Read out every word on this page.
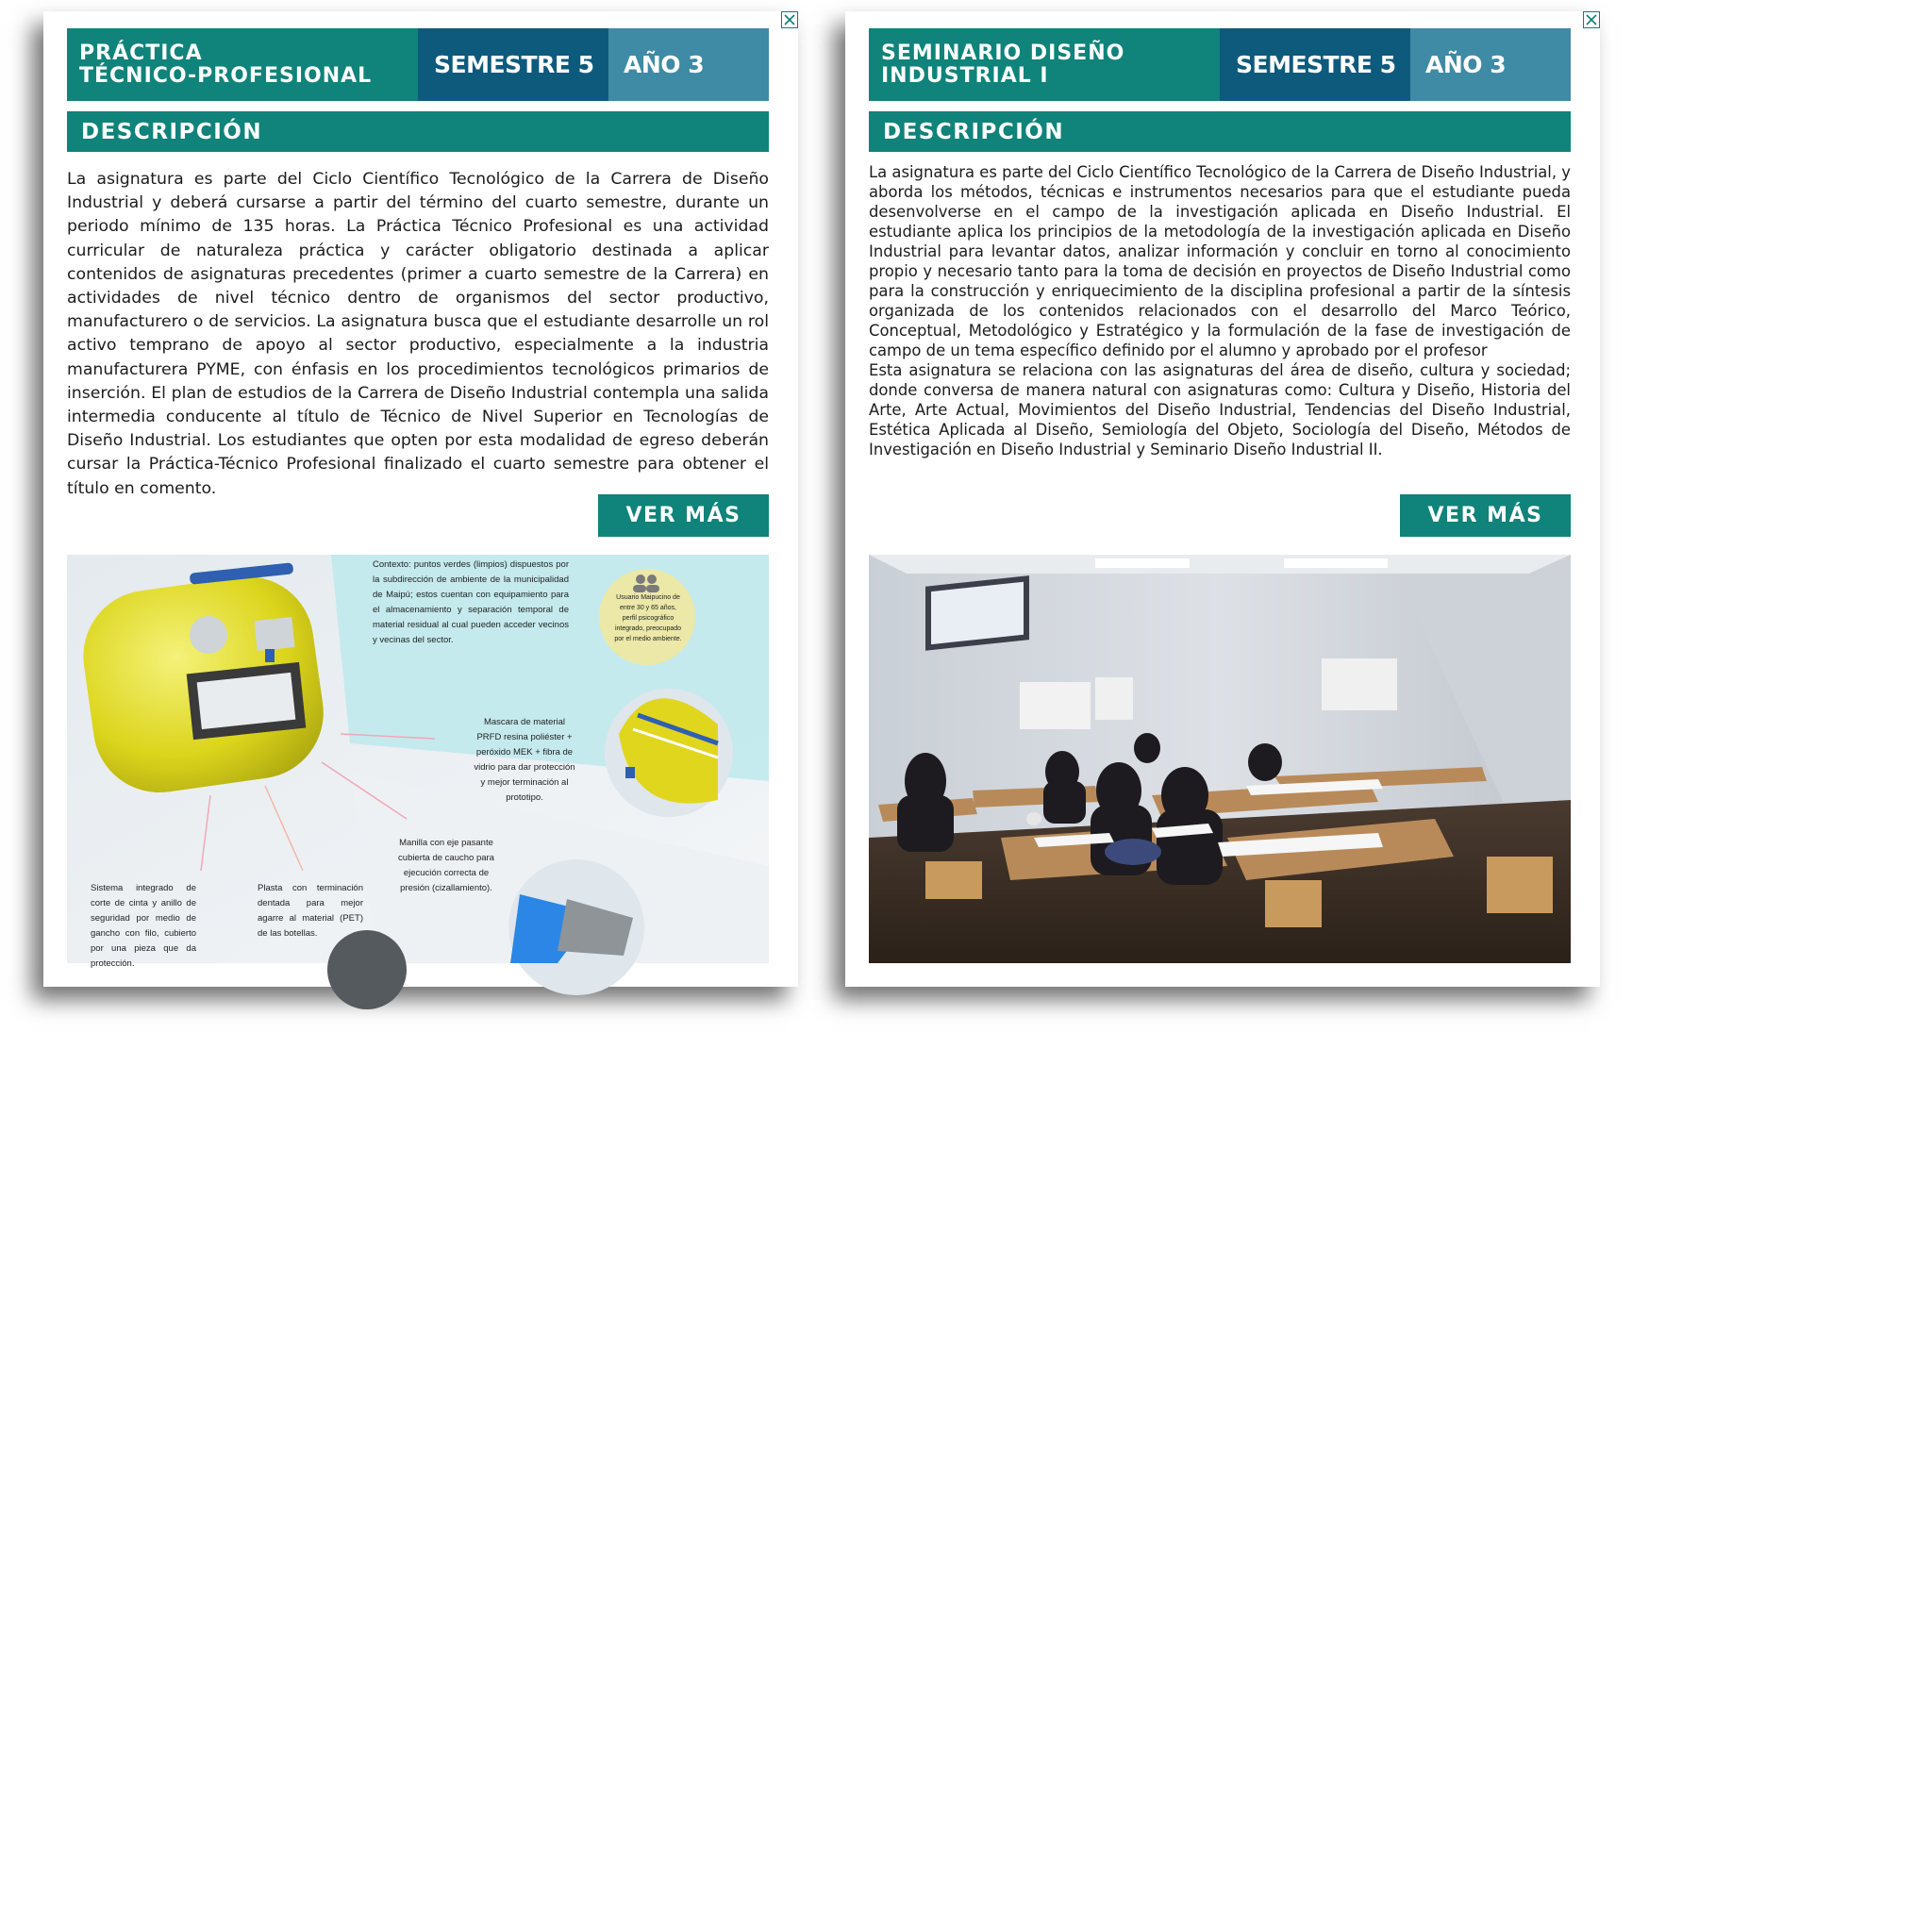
PRÁCTICA
TÉCNICO-PROFESIONAL	SEMESTRE 5	AÑO 3
DESCRIPCIÓN

La asignatura es parte del Ciclo Científico Tecnológico de la Carrera de Diseño Industrial y deberá cursarse a partir del término del cuarto semestre, durante un periodo mínimo de 135 horas. La Práctica Técnico Profesional es una actividad curricular de naturaleza práctica y carácter obligatorio destinada a aplicar contenidos de asignaturas precedentes (primer a cuarto semestre de la Carrera) en actividades de nivel técnico dentro de organismos del sector productivo, manufacturero o de servicios. La asignatura busca que el estudiante desarrolle un rol activo temprano de apoyo al sector productivo, especialmente a la industria manufacturera PYME, con énfasis en los procedimientos tecnológicos primarios de inserción. El plan de estudios de la Carrera de Diseño Industrial contempla una salida intermedia conducente al título de Técnico de Nivel Superior en Tecnologías de Diseño Industrial. Los estudiantes que opten por esta modalidad de egreso deberán cursar la Práctica-Técnico Profesional finalizado el cuarto semestre para obtener el título en comento.

VER MÁS
Contexto: puntos verdes (limpios) dispuestos por la subdirección de ambiente de la municipalidad de Maipú; estos cuentan con equipamiento para el almacenamiento y separación temporal de material residual al cual pueden acceder vecinos y vecinas del sector.
Usuario Maipucino de entre 30 y 65 años, perfil psicográfico integrado, preocupado por el medio ambiente.
Mascara de material PRFD resina poliéster + peróxido MEK + fibra de vidrio para dar protección y mejor terminación al prototipo.
Manilla con eje pasante cubierta de caucho para ejecución correcta de presión (cizallamiento).
Sistema integrado de corte de cinta y anillo de seguridad por medio de gancho con filo, cubierto por una pieza que da protección.
Plasta con terminación dentada para mejor agarre al material (PET) de las botellas.
SEMINARIO DISEÑO
INDUSTRIAL I	SEMESTRE 5	AÑO 3
DESCRIPCIÓN

La asignatura es parte del Ciclo Científico Tecnológico de la Carrera de Diseño Industrial, y aborda los métodos, técnicas e instrumentos necesarios para que el estudiante pueda desenvolverse en el campo de la investigación aplicada en Diseño Industrial. El estudiante aplica los principios de la metodología de la investigación aplicada en Diseño Industrial para levantar datos, analizar información y concluir en torno al conocimiento propio y necesario tanto para la toma de decisión en proyectos de Diseño Industrial como para la construcción y enriquecimiento de la disciplina profesional a partir de la síntesis organizada de los contenidos relacionados con el desarrollo del Marco Teórico, Conceptual, Metodológico y Estratégico y la formulación de la fase de investigación de campo de un tema específico definido por el alumno y aprobado por el profesor

Esta asignatura se relaciona con las asignaturas del área de diseño, cultura y sociedad; donde conversa de manera natural con asignaturas como: Cultura y Diseño, Historia del Arte, Arte Actual, Movimientos del Diseño Industrial, Tendencias del Diseño Industrial, Estética Aplicada al Diseño, Semiología del Objeto, Sociología del Diseño, Métodos de Investigación en Diseño Industrial y Seminario Diseño Industrial II.

VER MÁS
